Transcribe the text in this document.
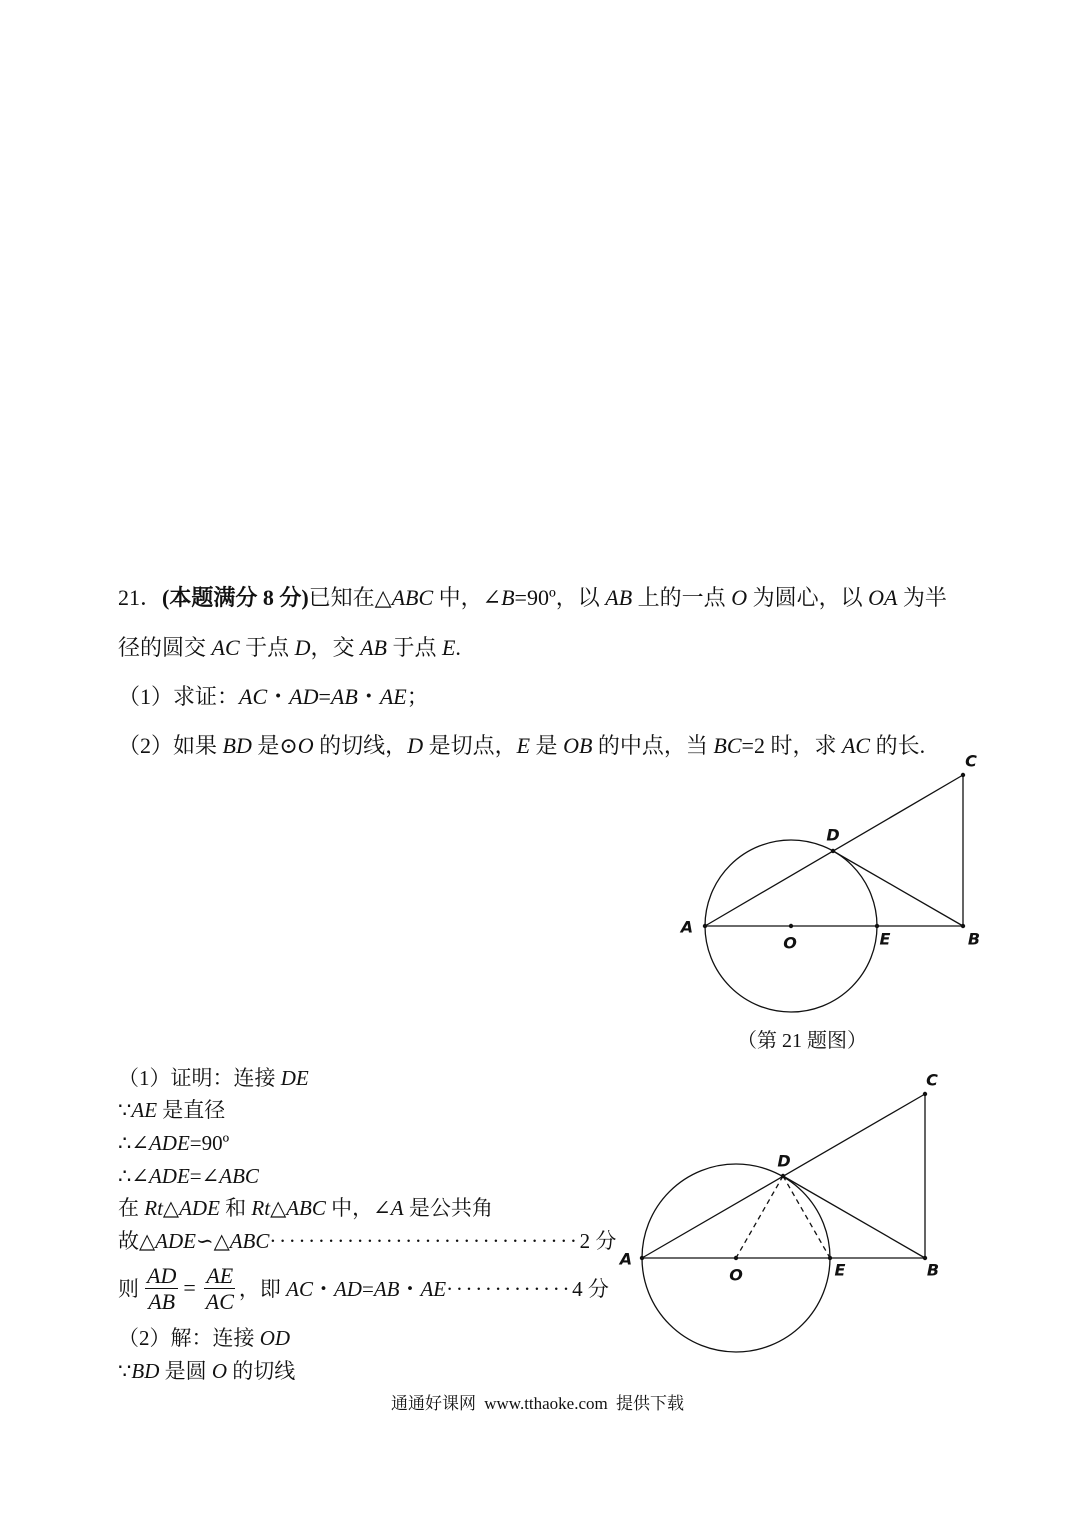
21．(本题满分 8 分)已知在△ABC 中，∠B=90º，以 AB 上的一点 O 为圆心，以 OA 为半
径的圆交 AC 于点 D，交 AB 于点 E.
（1）求证：AC・AD=AB・AE；
（2）如果 BD 是⊙O 的切线，D 是切点，E 是 OB 的中点，当 BC=2 时，求 AC 的长.
A
O	E	B
C
D
（第 21 题图）
（1）证明：连接 DE
∵AE 是直径
∴∠ADE=90º
∴∠ADE=∠ABC
在 Rt△ADE 和 Rt△ABC 中，∠A 是公共角
故△ADE∽△ABC································2 分
则 $\frac{AD}{AB} = \frac{AE}{AC}$ ，即 AC・AD=AB・AE·············4 分
（2）解：连接 OD
∵BD 是圆 O 的切线
A
O	E	B
C
D
通通好课网 www.tthaoke.com 提供下载
